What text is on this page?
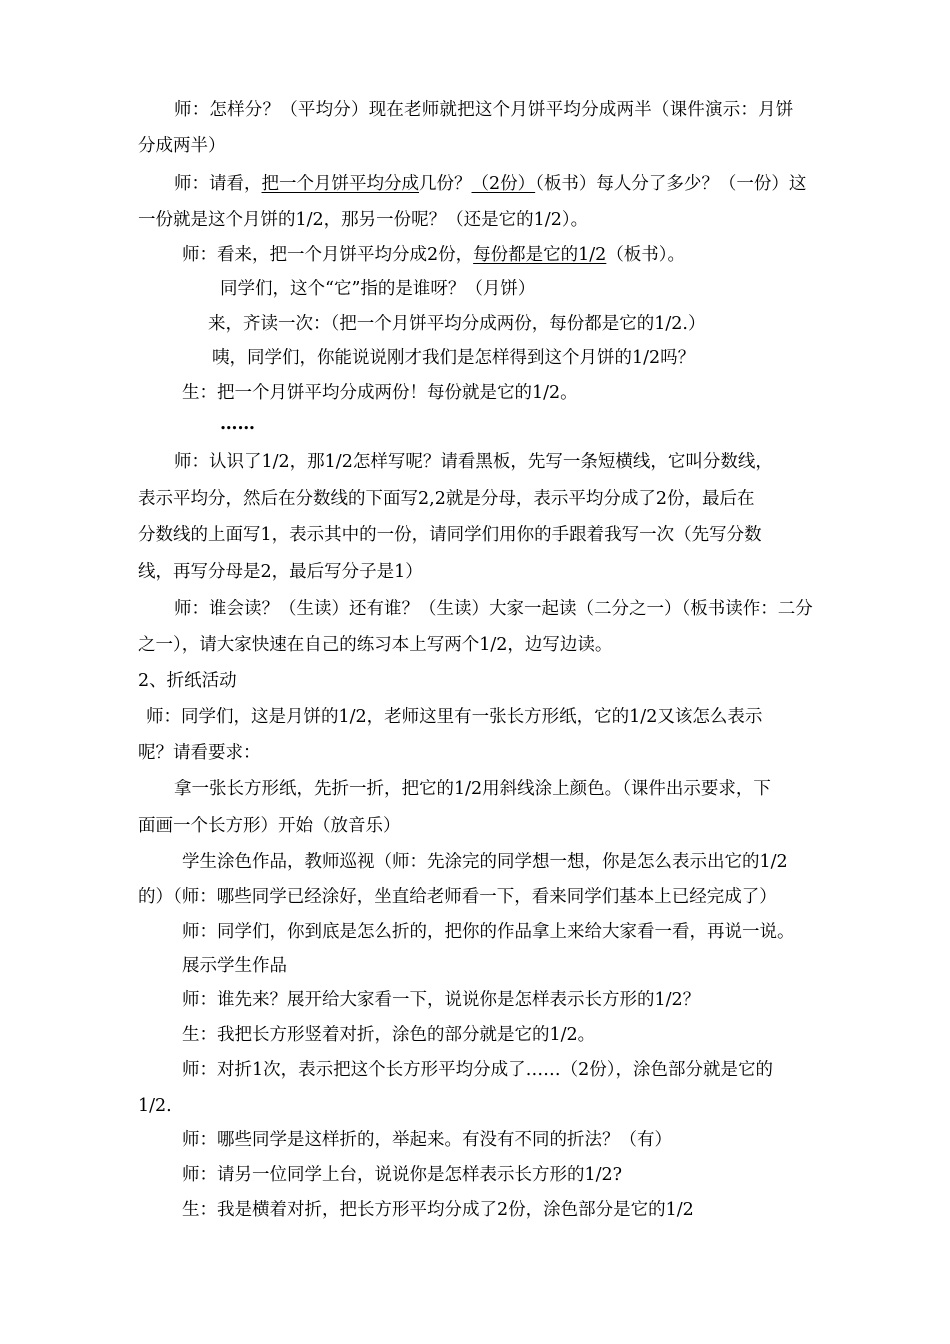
师：怎样分？（平均分）现在老师就把这个月饼平均分成两半（课件演示：月饼
分成两半）
师：请看，把一个月饼平均分成几份？（2份）（板书）每人分了多少？（一份）这
一份就是这个月饼的1/2，那另一份呢？（还是它的1/2）。
师：看来，把一个月饼平均分成2份，每份都是它的1/2（板书）。
同学们，这个“它”指的是谁呀？（月饼）
来，齐读一次：（把一个月饼平均分成两份，每份都是它的1/2.）
咦，同学们，你能说说刚才我们是怎样得到这个月饼的1/2吗？
生：把一个月饼平均分成两份！每份就是它的1/2。
……
师：认识了1/2，那1/2怎样写呢？请看黑板，先写一条短横线，它叫分数线，
表示平均分，然后在分数线的下面写2,2就是分母，表示平均分成了2份，最后在
分数线的上面写1，表示其中的一份，请同学们用你的手跟着我写一次（先写分数
线，再写分母是2，最后写分子是1）
师：谁会读？（生读）还有谁？（生读）大家一起读（二分之一）（板书读作：二分
之一），请大家快速在自己的练习本上写两个1/2，边写边读。
2、折纸活动
师：同学们，这是月饼的1/2，老师这里有一张长方形纸，它的1/2又该怎么表示
呢？请看要求：
拿一张长方形纸，先折一折，把它的1/2用斜线涂上颜色。（课件出示要求，下
面画一个长方形）开始（放音乐）
学生涂色作品，教师巡视（师：先涂完的同学想一想，你是怎么表示出它的1/2
的）（师：哪些同学已经涂好，坐直给老师看一下，看来同学们基本上已经完成了）
师：同学们，你到底是怎么折的，把你的作品拿上来给大家看一看，再说一说。
展示学生作品
师：谁先来？展开给大家看一下，说说你是怎样表示长方形的1/2？
生：我把长方形竖着对折，涂色的部分就是它的1/2。
师：对折1次，表示把这个长方形平均分成了……（2份），涂色部分就是它的
1/2.
师：哪些同学是这样折的，举起来。有没有不同的折法？（有）
师：请另一位同学上台，说说你是怎样表示长方形的1/2?
生：我是横着对折，把长方形平均分成了2份，涂色部分是它的1/2
